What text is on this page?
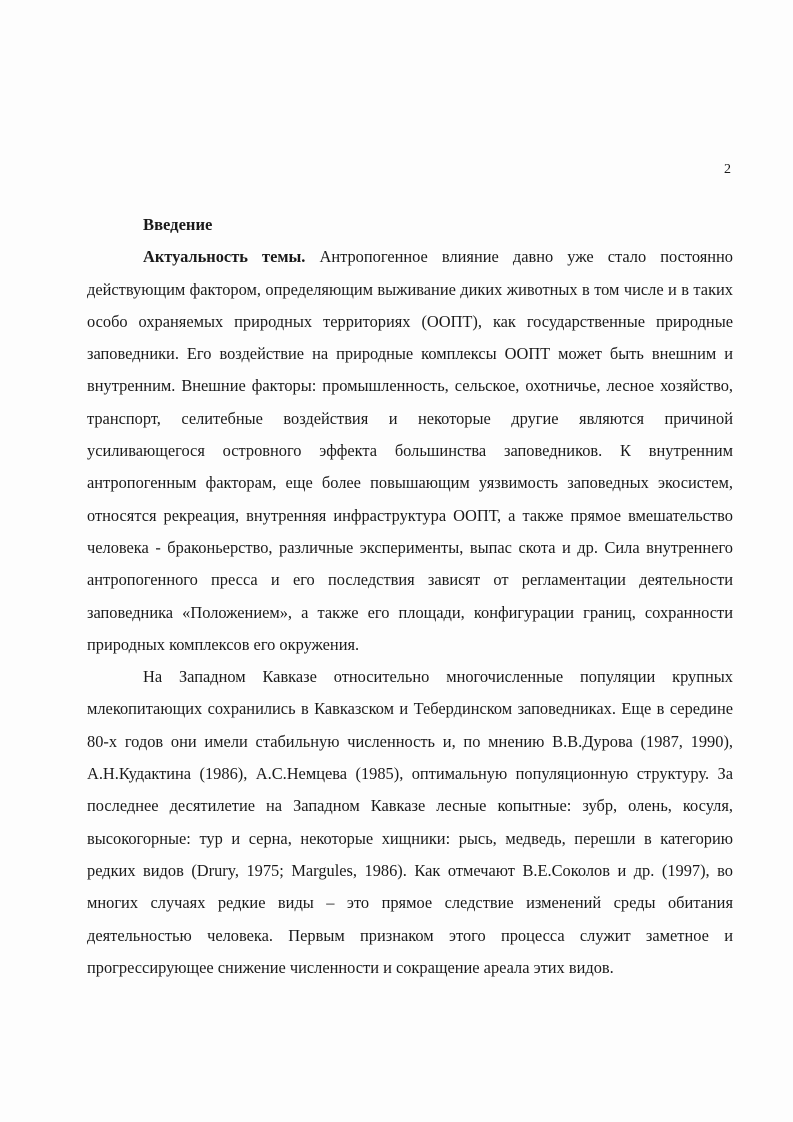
2
Введение

Актуальность темы. Антропогенное влияние давно уже стало постоянно действующим фактором, определяющим выживание диких животных в том числе и в таких особо охраняемых природных территориях (ООПТ), как государственные природные заповедники. Его воздействие на природные комплексы ООПТ может быть внешним и внутренним. Внешние факторы: промышленность, сельское, охотничье, лесное хозяйство, транспорт, селитебные воздействия и некоторые другие являются причиной усиливающегося островного эффекта большинства заповедников. К внутренним антропогенным факторам, еще более повышающим уязвимость заповедных экосистем, относятся рекреация, внутренняя инфраструктура ООПТ, а также прямое вмешательство человека - браконьерство, различные эксперименты, выпас скота и др. Сила внутреннего антропогенного пресса и его последствия зависят от регламентации деятельности заповедника «Положением», а также его площади, конфигурации границ, сохранности природных комплексов его окружения.

На Западном Кавказе относительно многочисленные популяции крупных млекопитающих сохранились в Кавказском и Тебердинском заповедниках. Еще в середине 80-х годов они имели стабильную численность и, по мнению В.В.Дурова (1987, 1990), А.Н.Кудактина (1986), А.С.Немцева (1985), оптимальную популяционную структуру. За последнее десятилетие на Западном Кавказе лесные копытные: зубр, олень, косуля, высокогорные: тур и серна, некоторые хищники: рысь, медведь, перешли в категорию редких видов (Drury, 1975; Margules, 1986). Как отмечают В.Е.Соколов и др. (1997), во многих случаях редкие виды – это прямое следствие изменений среды обитания деятельностью человека. Первым признаком этого процесса служит заметное и прогрессирующее снижение численности и сокращение ареала этих видов.
